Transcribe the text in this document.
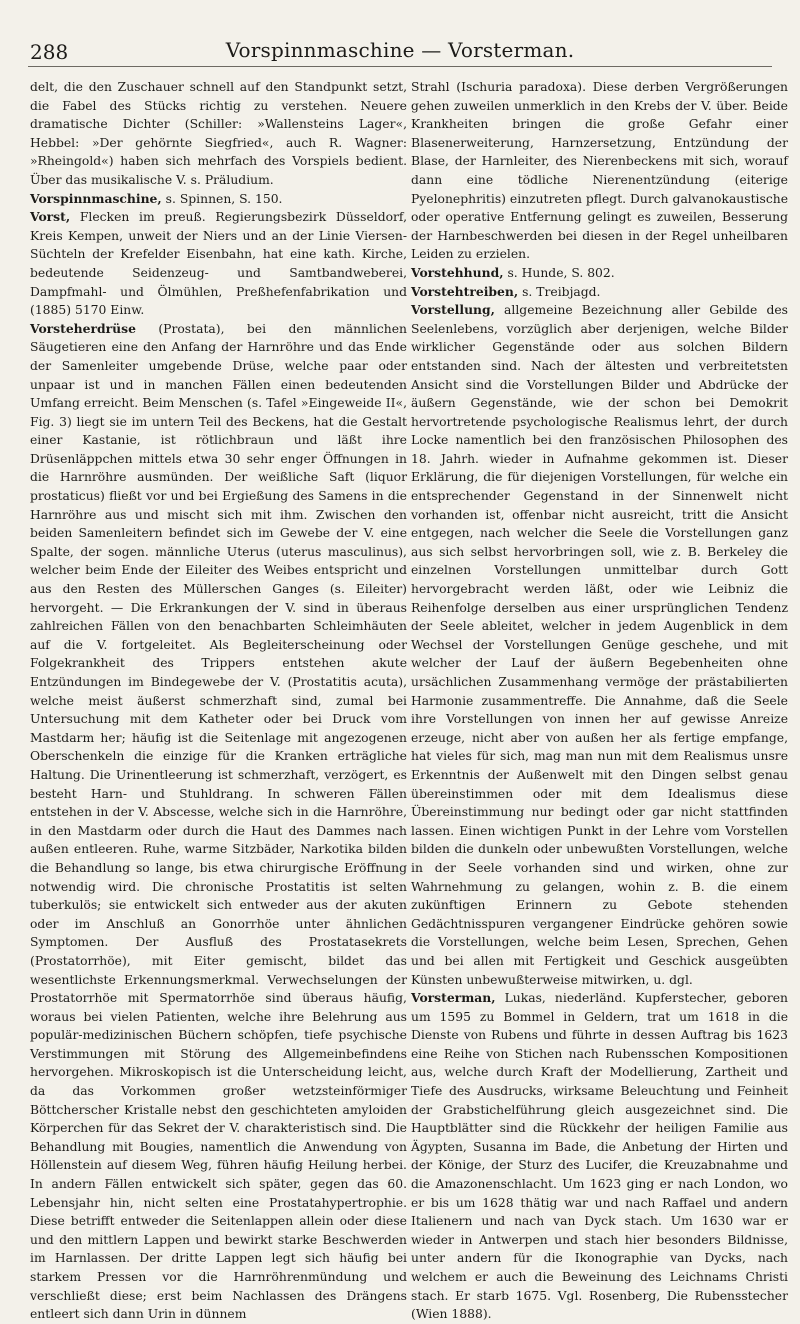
288	Vorspinnmaschine — Vorsterman.

delt, die den Zuschauer schnell auf den Standpunkt setzt, die Fabel des Stücks richtig zu verstehen. Neuere dramatische Dichter (Schiller: »Wallensteins Lager«, Hebbel: »Der gehörnte Siegfried«, auch R. Wagner: »Rheingold«) haben sich mehrfach des Vorspiels bedient. Über das musikalische V. s. Präludium.

Vorspinnmaschine, s. Spinnen, S. 150.

Vorst, Flecken im preuß. Regierungsbezirk Düsseldorf, Kreis Kempen, unweit der Niers und an der Linie Viersen-Süchteln der Krefelder Eisenbahn, hat eine kath. Kirche, bedeutende Seidenzeug- und Samtbandweberei, Dampfmahl- und Ölmühlen, Preßhefenfabrikation und (1885) 5170 Einw.

Vorsteherdrüse (Prostata), bei den männlichen Säugetieren eine den Anfang der Harnröhre und das Ende der Samenleiter umgebende Drüse, welche paar oder unpaar ist und in manchen Fällen einen bedeutenden Umfang erreicht. Beim Menschen (s. Tafel »Eingeweide II«, Fig. 3) liegt sie im untern Teil des Beckens, hat die Gestalt einer Kastanie, ist rötlichbraun und läßt ihre Drüsenläppchen mittels etwa 30 sehr enger Öffnungen in die Harnröhre ausmünden. Der weißliche Saft (liquor prostaticus) fließt vor und bei Ergießung des Samens in die Harnröhre aus und mischt sich mit ihm. Zwischen den beiden Samenleitern befindet sich im Gewebe der V. eine Spalte, der sogen. männliche Uterus (uterus masculinus), welcher beim Ende der Eileiter des Weibes entspricht und aus den Resten des Müllerschen Ganges (s. Eileiter) hervorgeht. — Die Erkrankungen der V. sind in überaus zahlreichen Fällen von den benachbarten Schleimhäuten auf die V. fortgeleitet. Als Begleiterscheinung oder Folgekrankheit des Trippers entstehen akute Entzündungen im Bindegewebe der V. (Prostatitis acuta), welche meist äußerst schmerzhaft sind, zumal bei Untersuchung mit dem Katheter oder bei Druck vom Mastdarm her; häufig ist die Seitenlage mit angezogenen Oberschenkeln die einzige für die Kranken erträgliche Haltung. Die Urinentleerung ist schmerzhaft, verzögert, es besteht Harn- und Stuhldrang. In schweren Fällen entstehen in der V. Abscesse, welche sich in die Harnröhre, in den Mastdarm oder durch die Haut des Dammes nach außen entleeren. Ruhe, warme Sitzbäder, Narkotika bilden die Behandlung so lange, bis etwa chirurgische Eröffnung notwendig wird. Die chronische Prostatitis ist selten tuberkulös; sie entwickelt sich entweder aus der akuten oder im Anschluß an Gonorrhöe unter ähnlichen Symptomen. Der Ausfluß des Prostatasekrets (Prostatorrhöe), mit Eiter gemischt, bildet das wesentlichste Erkennungsmerkmal. Verwechselungen der Prostatorrhöe mit Spermatorrhöe sind überaus häufig, woraus bei vielen Patienten, welche ihre Belehrung aus populär-medizinischen Büchern schöpfen, tiefe psychische Verstimmungen mit Störung des Allgemeinbefindens hervorgehen. Mikroskopisch ist die Unterscheidung leicht, da das Vorkommen großer wetzsteinförmiger Böttcherscher Kristalle nebst den geschichteten amyloiden Körperchen für das Sekret der V. charakteristisch sind. Die Behandlung mit Bougies, namentlich die Anwendung von Höllenstein auf diesem Weg, führen häufig Heilung herbei. In andern Fällen entwickelt sich später, gegen das 60. Lebensjahr hin, nicht selten eine Prostatahypertrophie. Diese betrifft entweder die Seitenlappen allein oder diese und den mittlern Lappen und bewirkt starke Beschwerden im Harnlassen. Der dritte Lappen legt sich häufig bei starkem Pressen vor die Harnröhrenmündung und verschließt diese; erst beim Nachlassen des Drängens entleert sich dann Urin in dünnem

Strahl (Ischuria paradoxa). Diese derben Vergrößerungen gehen zuweilen unmerklich in den Krebs der V. über. Beide Krankheiten bringen die große Gefahr einer Blasenerweiterung, Harnzersetzung, Entzündung der Blase, der Harnleiter, des Nierenbeckens mit sich, worauf dann eine tödliche Nierenentzündung (eiterige Pyelonephritis) einzutreten pflegt. Durch galvanokaustische oder operative Entfernung gelingt es zuweilen, Besserung der Harnbeschwerden bei diesen in der Regel unheilbaren Leiden zu erzielen.

Vorstehhund, s. Hunde, S. 802.

Vorstehtreiben, s. Treibjagd.

Vorstellung, allgemeine Bezeichnung aller Gebilde des Seelenlebens, vorzüglich aber derjenigen, welche Bilder wirklicher Gegenstände oder aus solchen Bildern entstanden sind. Nach der ältesten und verbreitetsten Ansicht sind die Vorstellungen Bilder und Abdrücke der äußern Gegenstände, wie der schon bei Demokrit hervortretende psychologische Realismus lehrt, der durch Locke namentlich bei den französischen Philosophen des 18. Jahrh. wieder in Aufnahme gekommen ist. Dieser Erklärung, die für diejenigen Vorstellungen, für welche ein entsprechender Gegenstand in der Sinnenwelt nicht vorhanden ist, offenbar nicht ausreicht, tritt die Ansicht entgegen, nach welcher die Seele die Vorstellungen ganz aus sich selbst hervorbringen soll, wie z. B. Berkeley die einzelnen Vorstellungen unmittelbar durch Gott hervorgebracht werden läßt, oder wie Leibniz die Reihenfolge derselben aus einer ursprünglichen Tendenz der Seele ableitet, welcher in jedem Augenblick in dem Wechsel der Vorstellungen Genüge geschehe, und mit welcher der Lauf der äußern Begebenheiten ohne ursächlichen Zusammenhang vermöge der prästabilierten Harmonie zusammentreffe. Die Annahme, daß die Seele ihre Vorstellungen von innen her auf gewisse Anreize erzeuge, nicht aber von außen her als fertige empfange, hat vieles für sich, mag man nun mit dem Realismus unsre Erkenntnis der Außenwelt mit den Dingen selbst genau übereinstimmen oder mit dem Idealismus diese Übereinstimmung nur bedingt oder gar nicht stattfinden lassen. Einen wichtigen Punkt in der Lehre vom Vorstellen bilden die dunkeln oder unbewußten Vorstellungen, welche in der Seele vorhanden sind und wirken, ohne zur Wahrnehmung zu gelangen, wohin z. B. die einem zukünftigen Erinnern zu Gebote stehenden Gedächtnisspuren vergangener Eindrücke gehören sowie die Vorstellungen, welche beim Lesen, Sprechen, Gehen und bei allen mit Fertigkeit und Geschick ausgeübten Künsten unbewußterweise mitwirken, u. dgl.

Vorsterman, Lukas, niederländ. Kupferstecher, geboren um 1595 zu Bommel in Geldern, trat um 1618 in die Dienste von Rubens und führte in dessen Auftrag bis 1623 eine Reihe von Stichen nach Rubensschen Kompositionen aus, welche durch Kraft der Modellierung, Zartheit und Tiefe des Ausdrucks, wirksame Beleuchtung und Feinheit der Grabstichelführung gleich ausgezeichnet sind. Die Hauptblätter sind die Rückkehr der heiligen Familie aus Ägypten, Susanna im Bade, die Anbetung der Hirten und der Könige, der Sturz des Lucifer, die Kreuzabnahme und die Amazonenschlacht. Um 1623 ging er nach London, wo er bis um 1628 thätig war und nach Raffael und andern Italienern und nach van Dyck stach. Um 1630 war er wieder in Antwerpen und stach hier besonders Bildnisse, unter andern für die Ikonographie van Dycks, nach welchem er auch die Beweinung des Leichnams Christi stach. Er starb 1675. Vgl. Rosenberg, Die Rubensstecher (Wien 1888).
